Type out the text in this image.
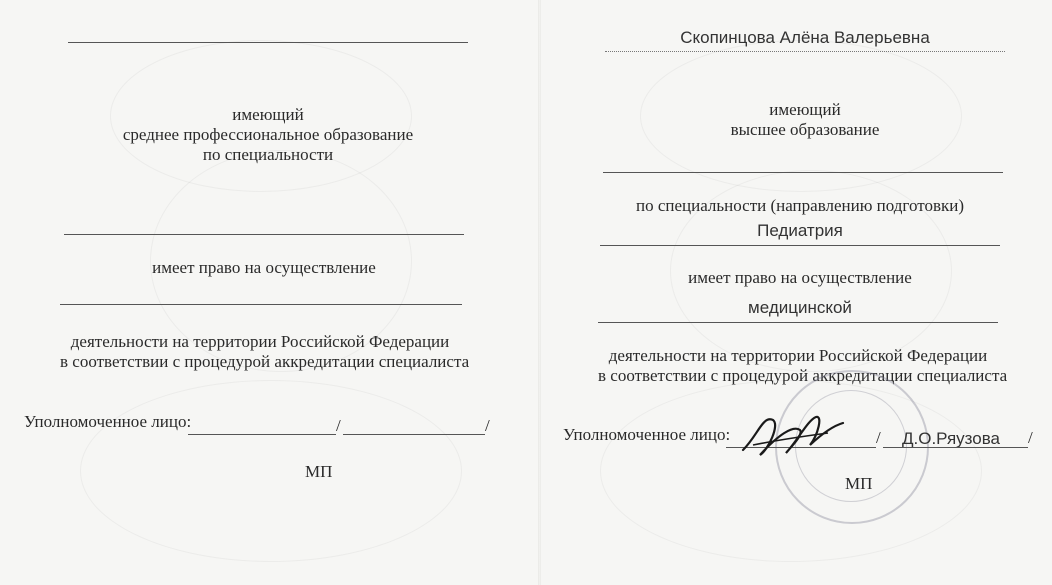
имеющий
среднее профессиональное образование
по специальности
имеет право на осуществление
деятельности на территории Российской Федерации
в соответствии с процедурой аккредитации специалиста
Уполномоченное лицо:	/	/
МП
Скопинцова Алёна Валерьевна
имеющий
высшее образование
по специальности (направлению подготовки)
Педиатрия
имеет право на осуществление
медицинской
деятельности на территории Российской Федерации
в соответствии с процедурой аккредитации специалиста
Уполномоченное лицо:	/ Д.О.Ряузова /
МП
